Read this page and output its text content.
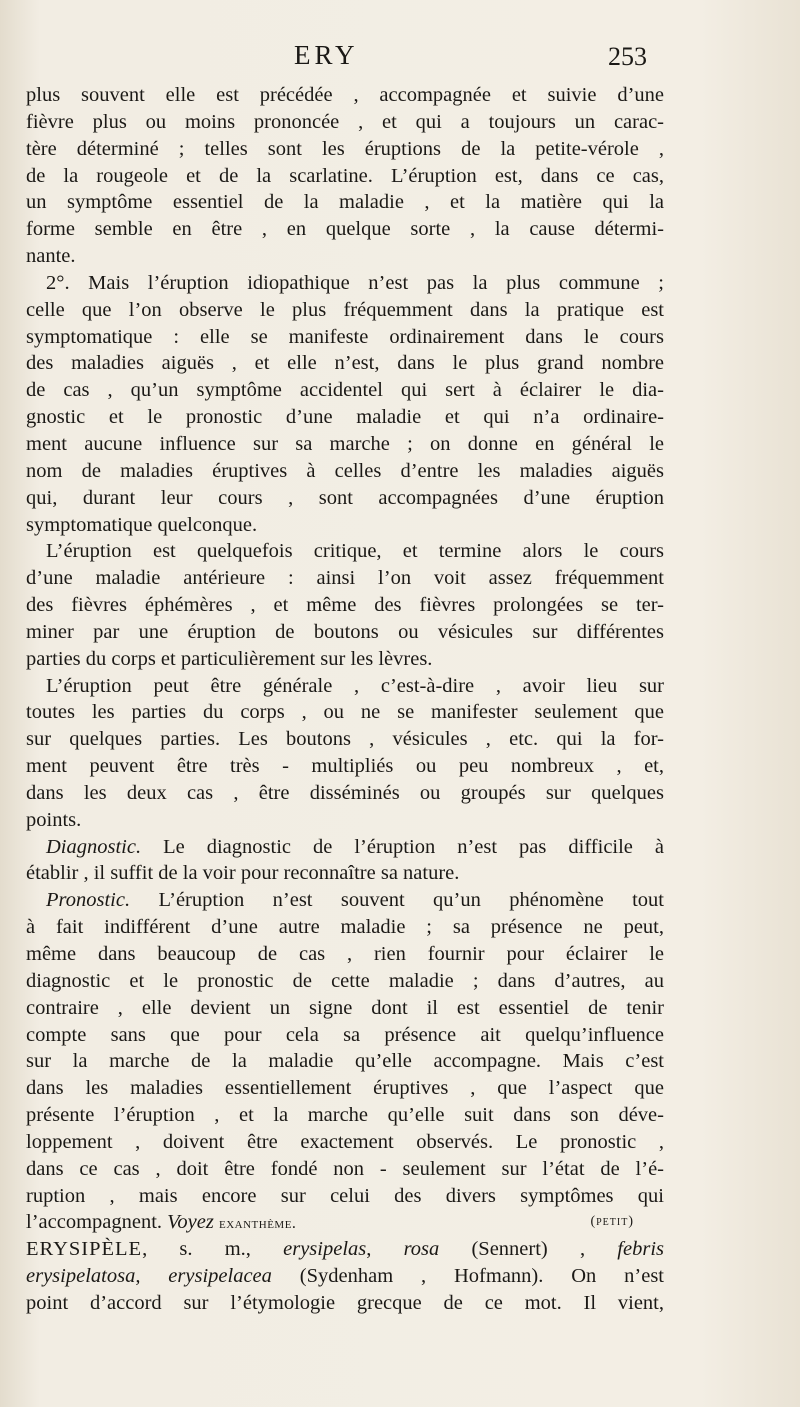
ERY	253
plus souvent elle est précédée , accompagnée et suivie d’une
fièvre plus ou moins prononcée , et qui a toujours un carac-
tère déterminé ; telles sont les éruptions de la petite-vérole ,
de la rougeole et de la scarlatine. L’éruption est, dans ce cas,
un symptôme essentiel de la maladie , et la matière qui la
forme semble en être , en quelque sorte , la cause détermi-
nante.
2°. Mais l’éruption idiopathique n’est pas la plus commune ;
celle que l’on observe le plus fréquemment dans la pratique est
symptomatique : elle se manifeste ordinairement dans le cours
des maladies aiguës , et elle n’est, dans le plus grand nombre
de cas , qu’un symptôme accidentel qui sert à éclairer le dia-
gnostic et le pronostic d’une maladie et qui n’a ordinaire-
ment aucune influence sur sa marche ; on donne en général le
nom de maladies éruptives à celles d’entre les maladies aiguës
qui, durant leur cours , sont accompagnées d’une éruption
symptomatique quelconque.
L’éruption est quelquefois critique, et termine alors le cours
d’une maladie antérieure : ainsi l’on voit assez fréquemment
des fièvres éphémères , et même des fièvres prolongées se ter-
miner par une éruption de boutons ou vésicules sur différentes
parties du corps et particulièrement sur les lèvres.
L’éruption peut être générale , c’est-à-dire , avoir lieu sur
toutes les parties du corps , ou ne se manifester seulement que
sur quelques parties. Les boutons , vésicules , etc. qui la for-
ment peuvent être très - multipliés ou peu nombreux , et,
dans les deux cas , être disséminés ou groupés sur quelques
points.
Diagnostic. Le diagnostic de l’éruption n’est pas difficile à
établir , il suffit de la voir pour reconnaître sa nature.
Pronostic. L’éruption n’est souvent qu’un phénomène tout
à fait indifférent d’une autre maladie ; sa présence ne peut,
même dans beaucoup de cas , rien fournir pour éclairer le
diagnostic et le pronostic de cette maladie ; dans d’autres, au
contraire , elle devient un signe dont il est essentiel de tenir
compte sans que pour cela sa présence ait quelqu’influence
sur la marche de la maladie qu’elle accompagne. Mais c’est
dans les maladies essentiellement éruptives , que l’aspect que
présente l’éruption , et la marche qu’elle suit dans son déve-
loppement , doivent être exactement observés. Le pronostic ,
dans ce cas , doit être fondé non - seulement sur l’état de l’é-
ruption , mais encore sur celui des divers symptômes qui
l’accompagnent. Voyez exanthème.	(petit)
ERYSIPÈLE, s. m., erysipelas, rosa (Sennert) , febris
erysipelatosa, erysipelacea (Sydenham , Hofmann). On n’est
point d’accord sur l’étymologie grecque de ce mot. Il vient,
